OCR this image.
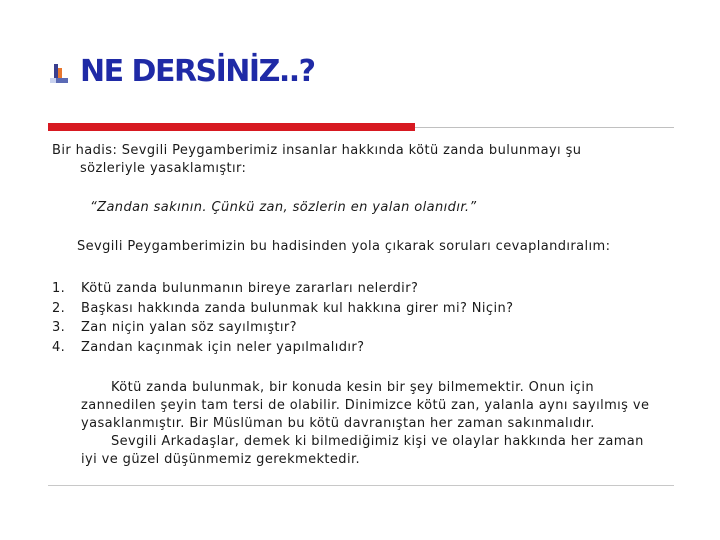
NE DERSİNİZ..?
Bir hadis: Sevgili Peygamberimiz insanlar hakkında kötü zanda bulunmayı şu
sözleriyle yasaklamıştır:
“Zandan sakının. Çünkü zan, sözlerin en yalan olanıdır.”
Sevgili Peygamberimizin bu hadisinden yola çıkarak soruları cevaplandıralım:
1. Kötü zanda bulunmanın bireye zararları nelerdir?
2. Başkası hakkında zanda bulunmak kul hakkına girer mi? Niçin?
3. Zan niçin yalan söz sayılmıştır?
4. Zandan kaçınmak için neler yapılmalıdır?
Kötü zanda bulunmak, bir konuda kesin bir şey bilmemektir. Onun için
zannedilen şeyin tam tersi de olabilir. Dinimizce kötü zan, yalanla aynı sayılmış ve
yasaklanmıştır. Bir Müslüman bu kötü davranıştan her zaman sakınmalıdır.
Sevgili Arkadaşlar, demek ki bilmediğimiz kişi ve olaylar hakkında her zaman
iyi ve güzel düşünmemiz gerekmektedir.
